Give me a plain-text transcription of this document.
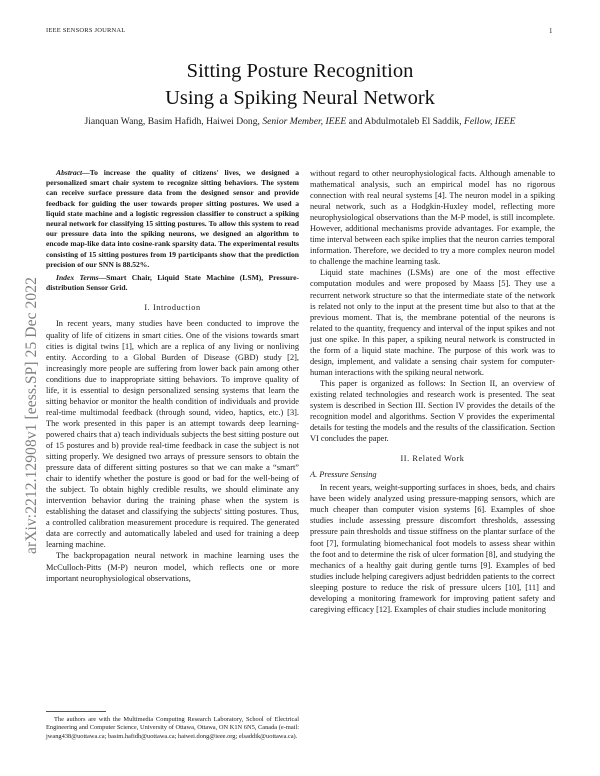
IEEE SENSORS JOURNAL	1
arXiv:2212.12908v1 [eess.SP] 25 Dec 2022
Sitting Posture Recognition
Using a Spiking Neural Network
Jianquan Wang, Basim Hafidh, Haiwei Dong, Senior Member, IEEE and Abdulmotaleb El Saddik, Fellow, IEEE

Abstract—To increase the quality of citizens' lives, we designed a personalized smart chair system to recognize sitting behaviors. The system can receive surface pressure data from the designed sensor and provide feedback for guiding the user towards proper sitting postures. We used a liquid state machine and a logistic regression classifier to construct a spiking neural network for classifying 15 sitting postures. To allow this system to read our pressure data into the spiking neurons, we designed an algorithm to encode map-like data into cosine-rank sparsity data. The experimental results consisting of 15 sitting postures from 19 participants show that the prediction precision of our SNN is 88.52%.

Index Terms—Smart Chair, Liquid State Machine (LSM), Pressure-distribution Sensor Grid.

I. Introduction

In recent years, many studies have been conducted to improve the quality of life of citizens in smart cities. One of the visions towards smart cities is digital twins [1], which are a replica of any living or nonliving entity. According to a Global Burden of Disease (GBD) study [2], increasingly more people are suffering from lower back pain among other conditions due to inappropriate sitting behaviors. To improve quality of life, it is essential to design personalized sensing systems that learn the sitting behavior or monitor the health condition of individuals and provide real-time multimodal feedback (through sound, video, haptics, etc.) [3]. The work presented in this paper is an attempt towards deep learning-powered chairs that a) teach individuals subjects the best sitting posture out of 15 postures and b) provide real-time feedback in case the subject is not sitting properly. We designed two arrays of pressure sensors to obtain the pressure data of different sitting postures so that we can make a “smart” chair to identify whether the posture is good or bad for the well-being of the subject. To obtain highly credible results, we should eliminate any intervention behavior during the training phase when the system is establishing the dataset and classifying the subjects' sitting postures. Thus, a controlled calibration measurement procedure is required. The generated data are correctly and automatically labeled and used for training a deep learning machine.

The backpropagation neural network in machine learning uses the McCulloch-Pitts (M-P) neuron model, which reflects one or more important neurophysiological observations,

The authors are with the Multimedia Computing Research Laboratory, School of Electrical Engineering and Computer Science, University of Ottawa, Ottawa, ON K1N 6N5, Canada (e-mail: jwang438@uottawa.ca; basim.hafidh@uottawa.ca; haiwei.dong@ieee.org; elsaddik@uottawa.ca).

without regard to other neurophysiological facts. Although amenable to mathematical analysis, such an empirical model has no rigorous connection with real neural systems [4]. The neuron model in a spiking neural network, such as a Hodgkin-Huxley model, reflecting more neurophysiological observations than the M-P model, is still incomplete. However, additional mechanisms provide advantages. For example, the time interval between each spike implies that the neuron carries temporal information. Therefore, we decided to try a more complex neuron model to challenge the machine learning task.

Liquid state machines (LSMs) are one of the most effective computation modules and were proposed by Maass [5]. They use a recurrent network structure so that the intermediate state of the network is related not only to the input at the present time but also to that at the previous moment. That is, the membrane potential of the neurons is related to the quantity, frequency and interval of the input spikes and not just one spike. In this paper, a spiking neural network is constructed in the form of a liquid state machine. The purpose of this work was to design, implement, and validate a sensing chair system for computer-human interactions with the spiking neural network.

This paper is organized as follows: In Section II, an overview of existing related technologies and research work is presented. The seat system is described in Section III. Section IV provides the details of the recognition model and algorithms. Section V provides the experimental details for testing the models and the results of the classification. Section VI concludes the paper.

II. Related Work
A. Pressure Sensing

In recent years, weight-supporting surfaces in shoes, beds, and chairs have been widely analyzed using pressure-mapping sensors, which are much cheaper than computer vision systems [6]. Examples of shoe studies include assessing pressure discomfort thresholds, assessing pressure pain thresholds and tissue stiffness on the plantar surface of the foot [7], formulating biomechanical foot models to assess shear within the foot and to determine the risk of ulcer formation [8], and studying the mechanics of a healthy gait during gentle turns [9]. Examples of bed studies include helping caregivers adjust bedridden patients to the correct sleeping posture to reduce the risk of pressure ulcers [10], [11] and developing a monitoring framework for improving patient safety and caregiving efficacy [12]. Examples of chair studies include monitoring
